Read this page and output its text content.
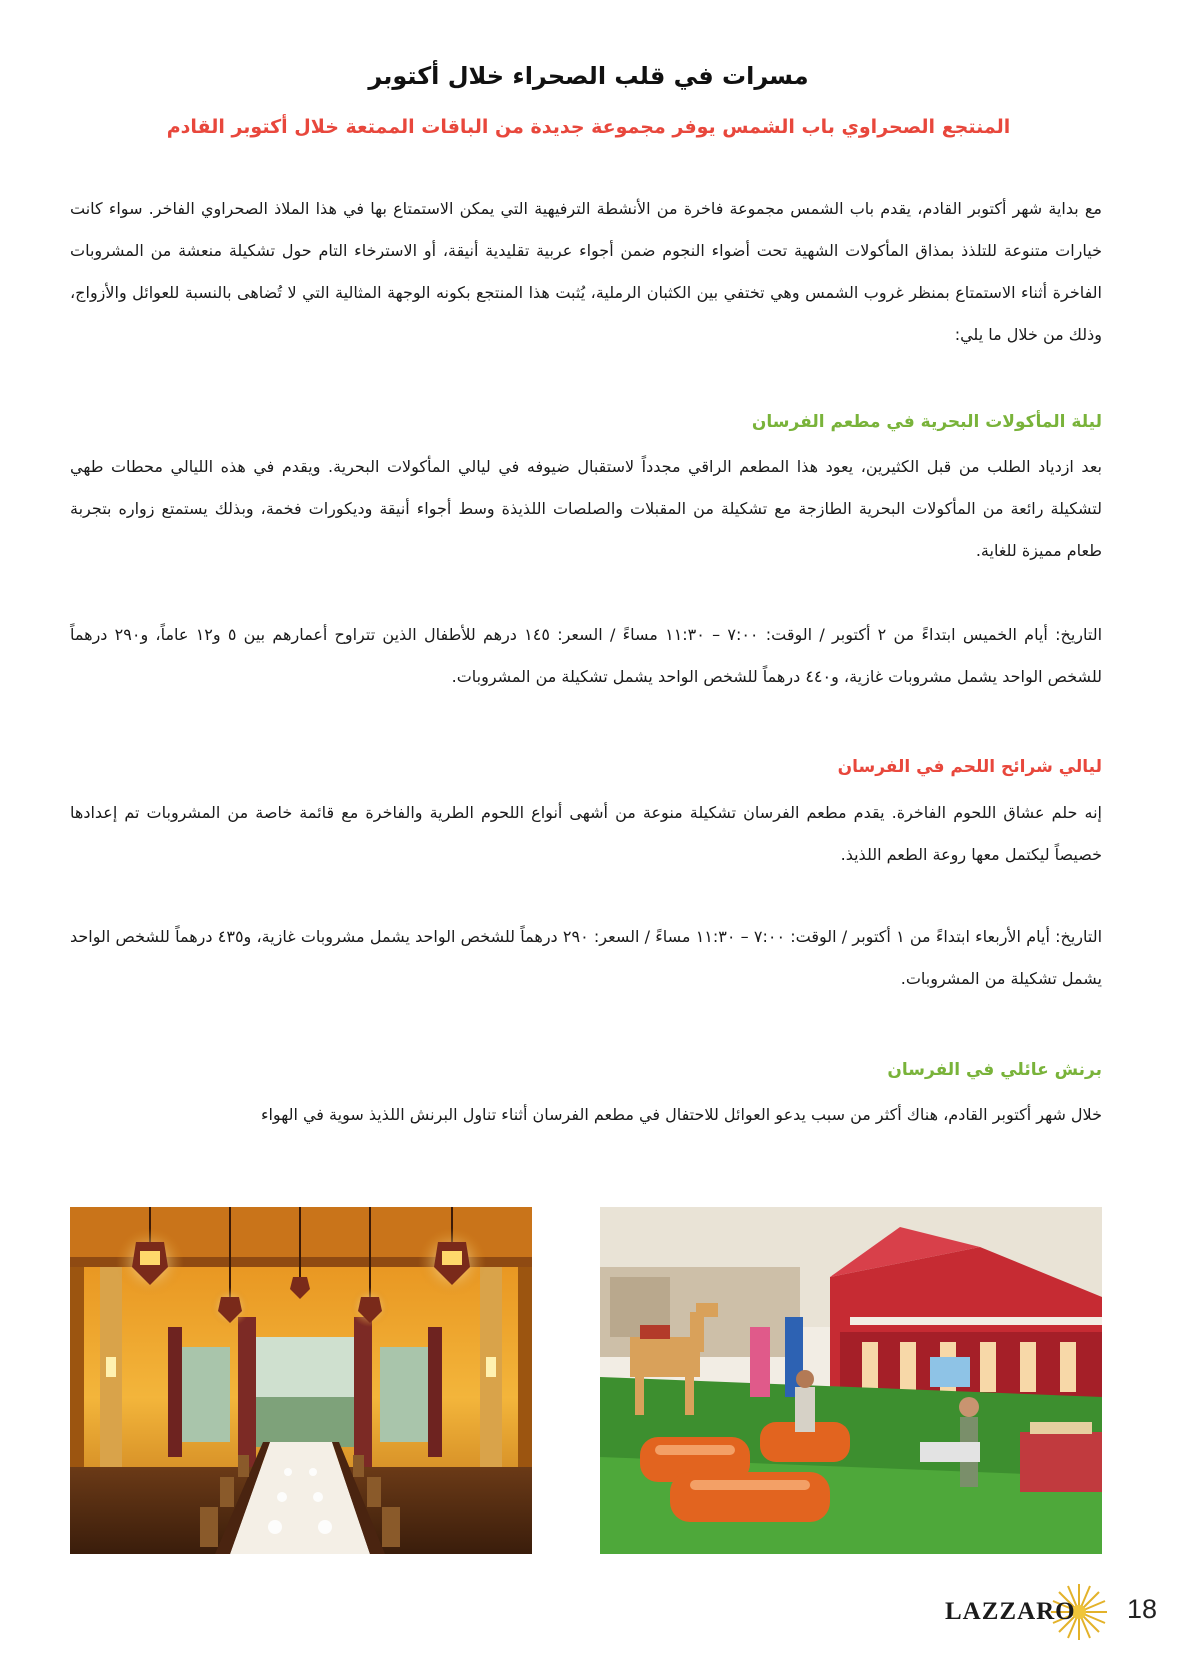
مسرات في قلب الصحراء خلال أكتوبر
المنتجع الصحراوي باب الشمس يوفر مجموعة جديدة من الباقات الممتعة خلال أكتوبر القادم

مع بداية شهر أكتوبر القادم، يقدم باب الشمس مجموعة فاخرة من الأنشطة الترفيهية التي يمكن الاستمتاع بها في هذا الملاذ الصحراوي الفاخر. سواء كانت خيارات متنوعة للتلذذ بمذاق المأكولات الشهية تحت أضواء النجوم ضمن أجواء عربية تقليدية أنيقة، أو الاسترخاء التام حول تشكيلة منعشة من المشروبات الفاخرة أثناء الاستمتاع بمنظر غروب الشمس وهي تختفي بين الكثبان الرملية، يُثبت هذا المنتجع بكونه الوجهة المثالية التي لا تُضاهى بالنسبة للعوائل والأزواج، وذلك من خلال ما يلي:

ليلة المأكولات البحرية في مطعم الفرسان

بعد ازدياد الطلب من قبل الكثيرين، يعود هذا المطعم الراقي مجدداً لاستقبال ضيوفه في ليالي المأكولات البحرية. ويقدم في هذه الليالي محطات طهي لتشكيلة رائعة من المأكولات البحرية الطازجة مع تشكيلة من المقبلات والصلصات اللذيذة وسط أجواء أنيقة وديكورات فخمة، وبذلك يستمتع زواره بتجربة طعام مميزة للغاية.

التاريخ: أيام الخميس ابتداءً من ٢ أكتوبر / الوقت: ٧:٠٠ – ١١:٣٠ مساءً / السعر: ١٤٥ درهم للأطفال الذين تتراوح أعمارهم بين ٥ و١٢ عاماً، و٢٩٠ درهماً للشخص الواحد يشمل مشروبات غازية، و٤٤٠ درهماً للشخص الواحد يشمل تشكيلة من المشروبات.

ليالي شرائح اللحم في الفرسان

إنه حلم عشاق اللحوم الفاخرة. يقدم مطعم الفرسان تشكيلة منوعة من أشهى أنواع اللحوم الطرية والفاخرة مع قائمة خاصة من المشروبات تم إعدادها خصيصاً ليكتمل معها روعة الطعم اللذيذ.

التاريخ: أيام الأربعاء ابتداءً من ١ أكتوبر / الوقت: ٧:٠٠ – ١١:٣٠ مساءً / السعر: ٢٩٠ درهماً للشخص الواحد يشمل مشروبات غازية، و٤٣٥ درهماً للشخص الواحد يشمل تشكيلة من المشروبات.

برنش عائلي في الفرسان

خلال شهر أكتوبر القادم، هناك أكثر من سبب يدعو العوائل للاحتفال في مطعم الفرسان أثناء تناول البرنش اللذيذ سوية في الهواء

LAZZARO 18
